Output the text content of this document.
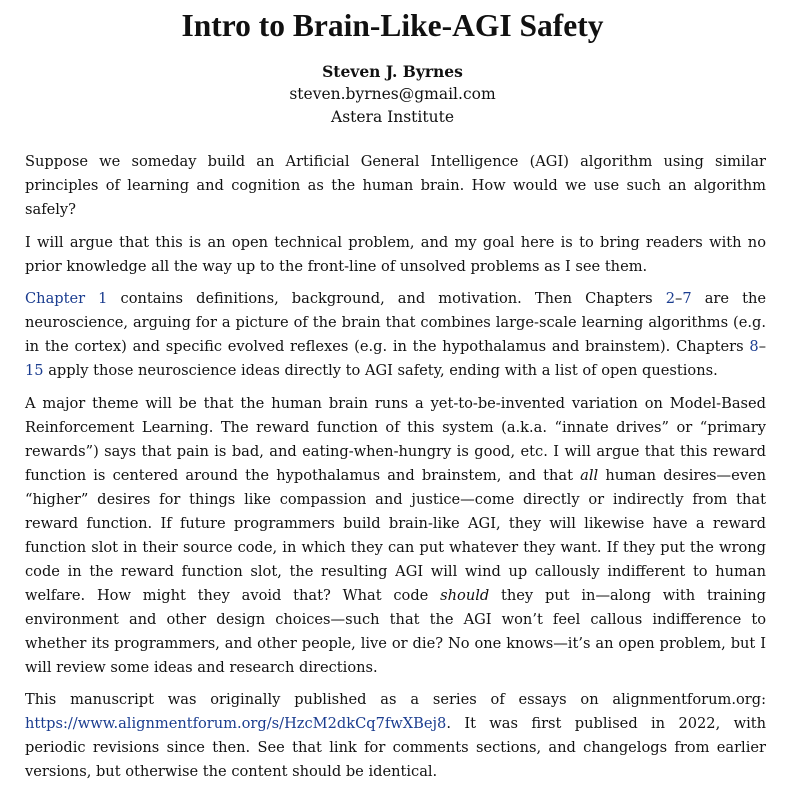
Intro to Brain-Like-AGI Safety
Steven J. Byrnes
steven.byrnes@gmail.com
Astera Institute

Suppose we someday build an Artificial General Intelligence (AGI) algorithm using similar principles of learning and cognition as the human brain. How would we use such an algorithm safely?

I will argue that this is an open technical problem, and my goal here is to bring readers with no prior knowledge all the way up to the front-line of unsolved problems as I see them.

Chapter 1 contains definitions, background, and motivation. Then Chapters 2–7 are the neuroscience, arguing for a picture of the brain that combines large-scale learning algorithms (e.g. in the cortex) and specific evolved reflexes (e.g. in the hypothalamus and brainstem). Chapters 8–15 apply those neuroscience ideas directly to AGI safety, ending with a list of open questions.

A major theme will be that the human brain runs a yet-to-be-invented variation on Model-Based Reinforcement Learning. The reward function of this system (a.k.a. “innate drives” or “primary rewards”) says that pain is bad, and eating-when-hungry is good, etc. I will argue that this reward function is centered around the hypothalamus and brainstem, and that all human desires—even “higher” desires for things like compassion and justice—come directly or indirectly from that reward function. If future programmers build brain-like AGI, they will likewise have a reward function slot in their source code, in which they can put whatever they want. If they put the wrong code in the reward function slot, the resulting AGI will wind up callously indifferent to human welfare. How might they avoid that? What code should they put in—along with training environment and other design choices—such that the AGI won’t feel callous indifference to whether its programmers, and other people, live or die? No one knows—it’s an open problem, but I will review some ideas and research directions.

This manuscript was originally published as a series of essays on alignmentforum.org: https://www.alignmentforum.org/s/HzcM2dkCq7fwXBej8. It was first publised in 2022, with periodic revisions since then. See that link for comments sections, and changelogs from earlier versions, but otherwise the content should be identical.
